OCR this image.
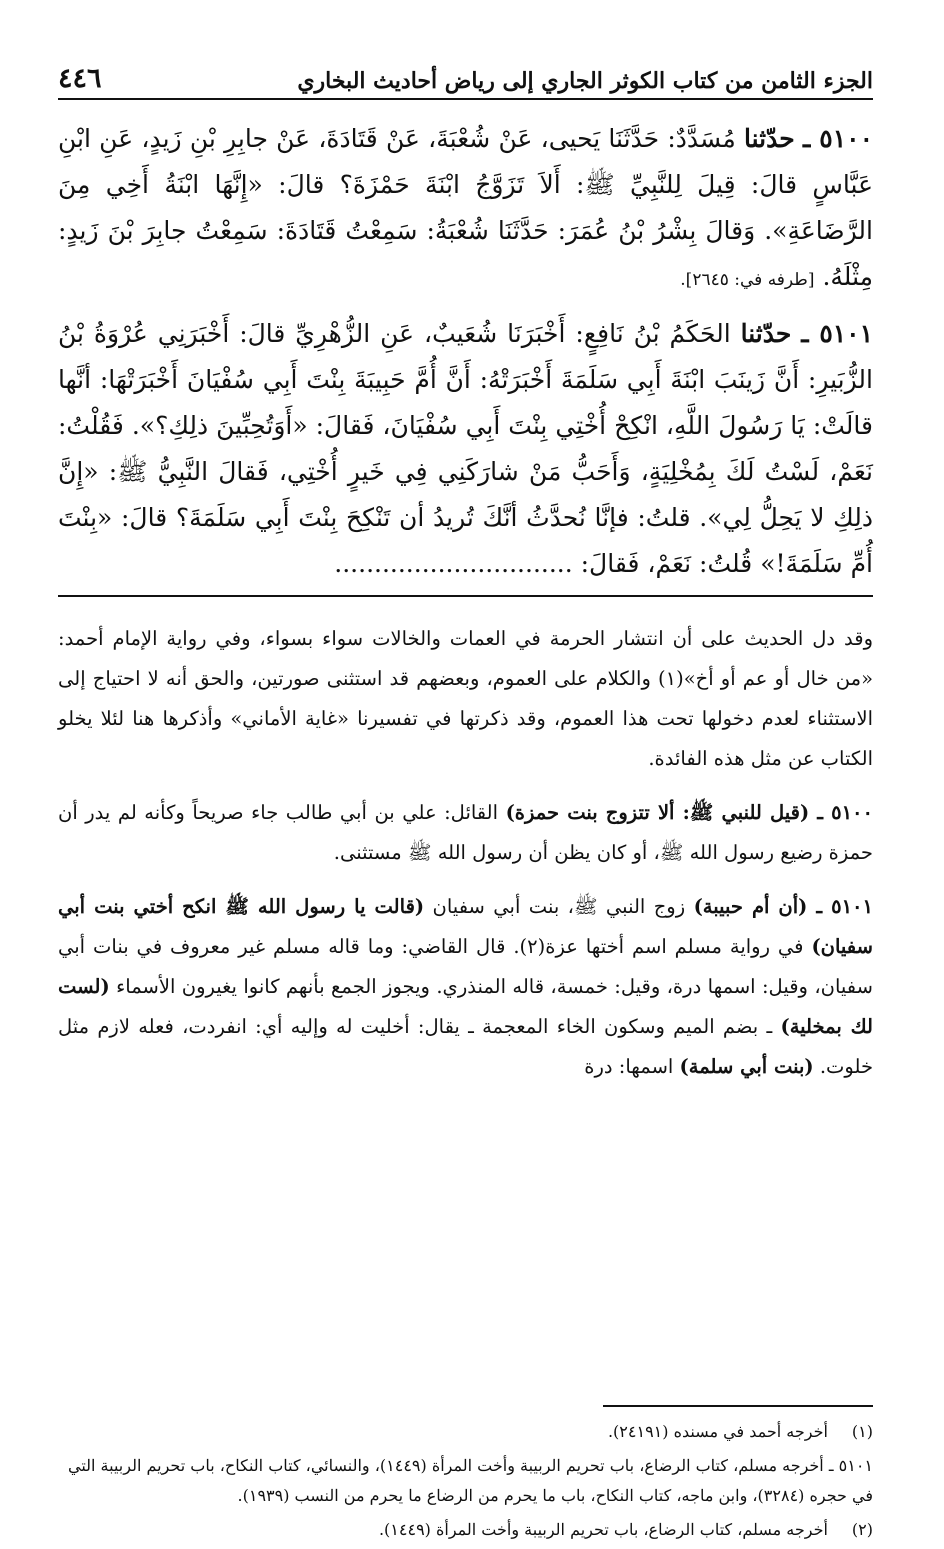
الجزء الثامن من كتاب الكوثر الجاري إلى رياض أحاديث البخاري
٤٤٦

٥١٠٠ ـ حدّثنا مُسَدَّدٌ: حَدَّثَنَا يَحيى، عَنْ شُعْبَةَ، عَنْ قَتَادَةَ، عَنْ جابِرِ بْنِ زَيدٍ، عَنِ ابْنِ عَبَّاسٍ قالَ: قِيلَ لِلنَّبِيِّ ﷺ: أَلاَ تَزَوَّجُ ابْنَةَ حَمْزَةَ؟ قالَ: «إِنَّهَا ابْنَةُ أَخِي مِنَ الرَّضَاعَةِ». وَقالَ بِشْرُ بْنُ عُمَرَ: حَدَّثَنَا شُعْبَةُ: سَمِعْتُ قَتَادَةَ: سَمِعْتُ جابِرَ بْنَ زَيدٍ: مِثْلَهُ. [طرفه في: ٢٦٤٥].

٥١٠١ ـ حدّثنا الحَكَمُ بْنُ نَافِعٍ: أَخْبَرَنَا شُعَيبٌ، عَنِ الزُّهْرِيِّ قالَ: أَخْبَرَنِي عُرْوَةُ بْنُ الزُّبَيرِ: أَنَّ زَينَبَ ابْنَةَ أَبِي سَلَمَةَ أَخْبَرَتْهُ: أَنَّ أُمَّ حَبِيبَةَ بِنْتَ أَبِي سُفْيَانَ أَخْبَرَتْهَا: أنَّها قالَتْ: يَا رَسُولَ اللَّهِ، انْكِحْ أُخْتِي بِنْتَ أَبِي سُفْيَانَ، فَقالَ: «أَوَتُحِبِّينَ ذلِكِ؟». فَقُلْتُ: نَعَمْ، لَسْتُ لَكَ بِمُخْلِيَةٍ، وَأَحَبُّ مَنْ شارَكَنِي فِي خَيرٍ أُخْتِي، فَقالَ النَّبِيُّ ﷺ: «إِنَّ ذلِكِ لا يَحِلُّ لِي». قلتُ: فإنَّا نُحدَّثُ أنَّكَ تُريدُ أن تَنْكِحَ بِنْتَ أَبِي سَلَمَةَ؟ قالَ: «بِنْتَ أُمِّ سَلَمَةَ!» قُلتُ: نَعَمْ، فَقالَ: ..............................

وقد دل الحديث على أن انتشار الحرمة في العمات والخالات سواء بسواء، وفي رواية الإمام أحمد: «من خال أو عم أو أخ»(١) والكلام على العموم، وبعضهم قد استثنى صورتين، والحق أنه لا احتياج إلى الاستثناء لعدم دخولها تحت هذا العموم، وقد ذكرتها في تفسيرنا «غاية الأماني» وأذكرها هنا لئلا يخلو الكتاب عن مثل هذه الفائدة.

٥١٠٠ ـ (قيل للنبي ﷺ: ألا تتزوج بنت حمزة) القائل: علي بن أبي طالب جاء صريحاً وكأنه لم يدر أن حمزة رضيع رسول الله ﷺ، أو كان يظن أن رسول الله ﷺ مستثنى.

٥١٠١ ـ (أن أم حبيبة) زوج النبي ﷺ، بنت أبي سفيان (قالت يا رسول الله ﷺ انكح أختي بنت أبي سفيان) في رواية مسلم اسم أختها عزة(٢). قال القاضي: وما قاله مسلم غير معروف في بنات أبي سفيان، وقيل: اسمها درة، وقيل: خمسة، قاله المنذري. ويجوز الجمع بأنهم كانوا يغيرون الأسماء (لست لك بمخلية) ـ بضم الميم وسكون الخاء المعجمة ـ يقال: أخليت له وإليه أي: انفردت، فعله لازم مثل خلوت. (بنت أبي سلمة) اسمها: درة

(١) أخرجه أحمد في مسنده (٢٤١٩١).

٥١٠١ ـ أخرجه مسلم، كتاب الرضاع، باب تحريم الربيبة وأخت المرأة (١٤٤٩)، والنسائي، كتاب النكاح، باب تحريم الربيبة التي في حجره (٣٢٨٤)، وابن ماجه، كتاب النكاح، باب ما يحرم من الرضاع ما يحرم من النسب (١٩٣٩).

(٢) أخرجه مسلم، كتاب الرضاع، باب تحريم الربيبة وأخت المرأة (١٤٤٩).
